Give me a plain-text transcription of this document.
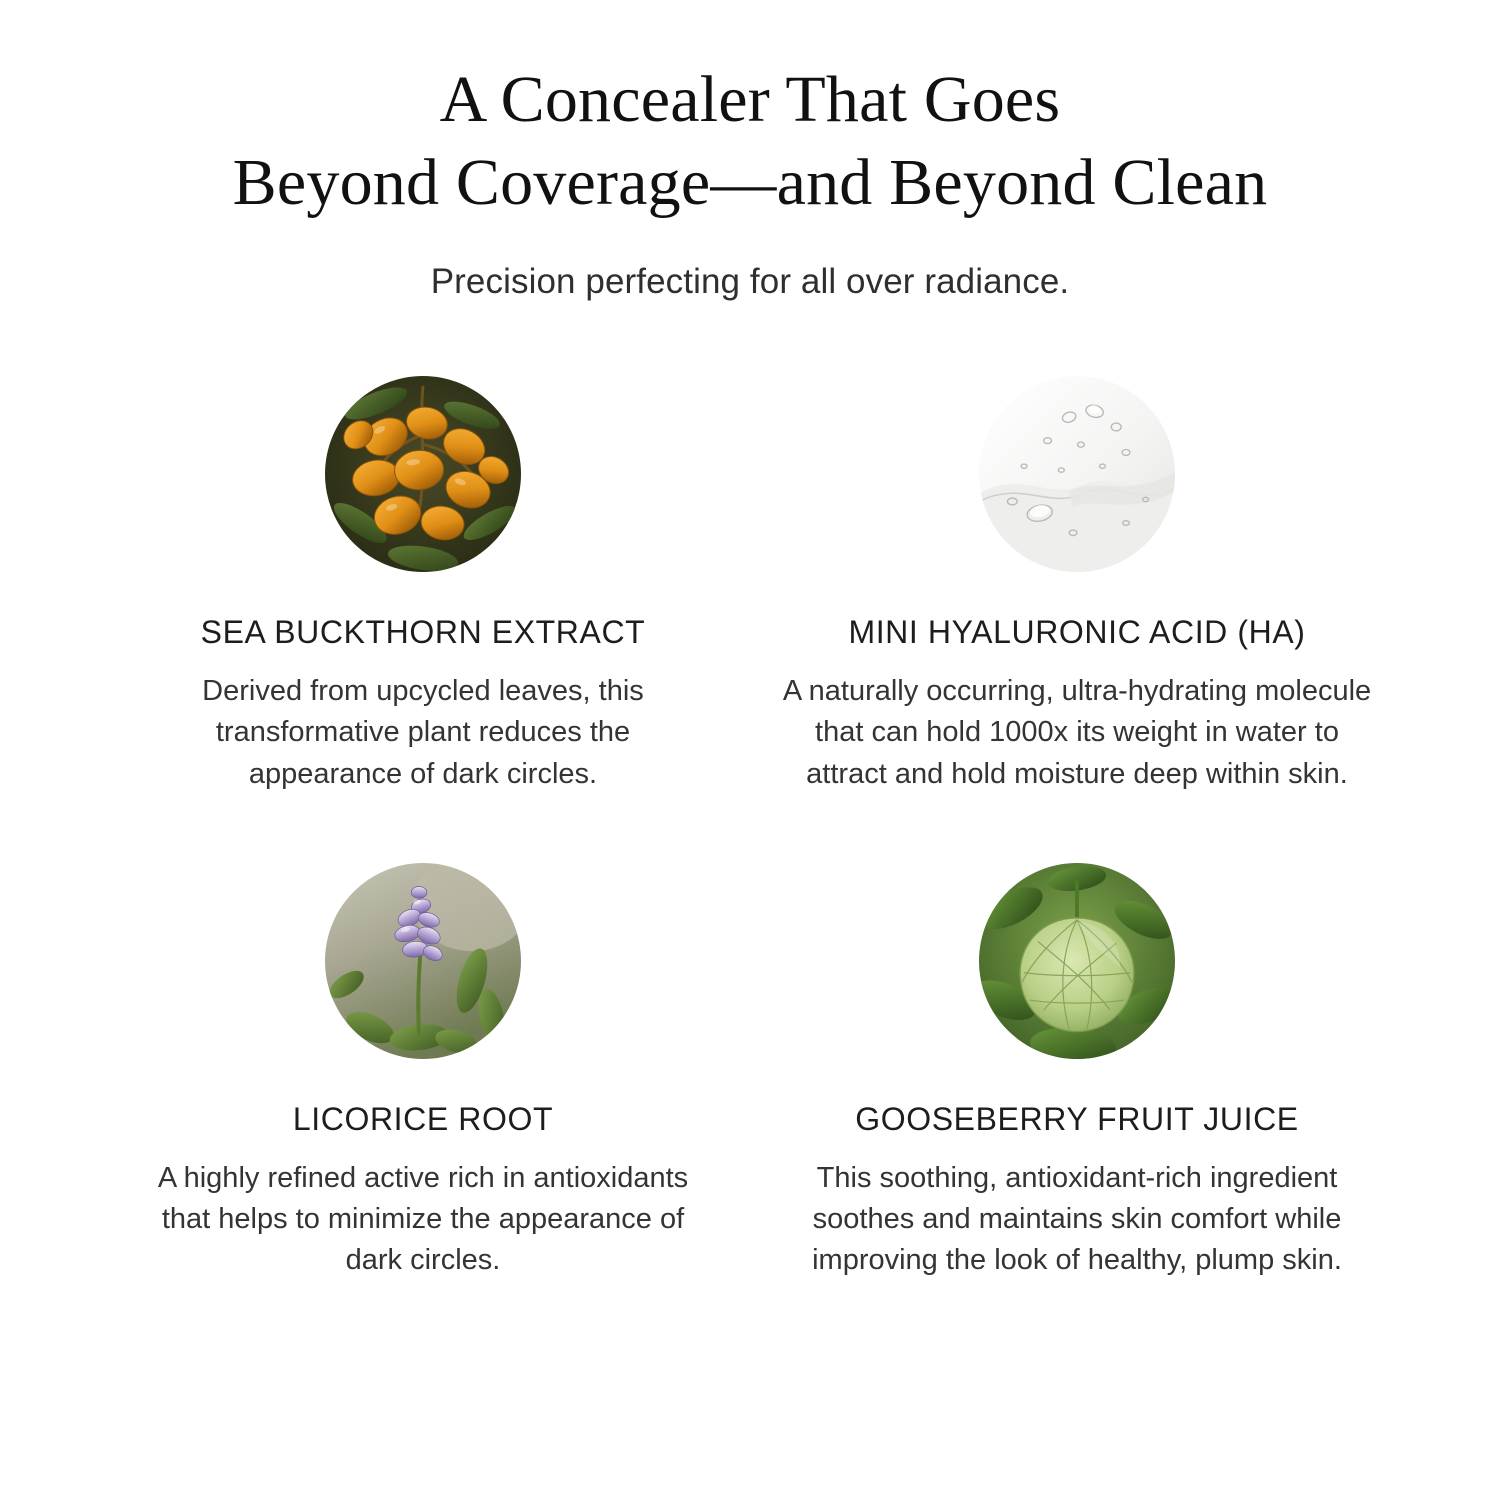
A Concealer That Goes
Beyond Coverage—and Beyond Clean

Precision perfecting for all over radiance.

SEA BUCKTHORN EXTRACT
Derived from upcycled leaves, this transformative plant reduces the appearance of dark circles.
MINI HYALURONIC ACID (HA)
A naturally occurring, ultra-hydrating molecule that can hold 1000x its weight in water to attract and hold moisture deep within skin.
LICORICE ROOT
A highly refined active rich in antioxidants that helps to minimize the appearance of dark circles.
GOOSEBERRY FRUIT JUICE
This soothing, antioxidant-rich ingredient soothes and maintains skin comfort while improving the look of healthy, plump skin.
